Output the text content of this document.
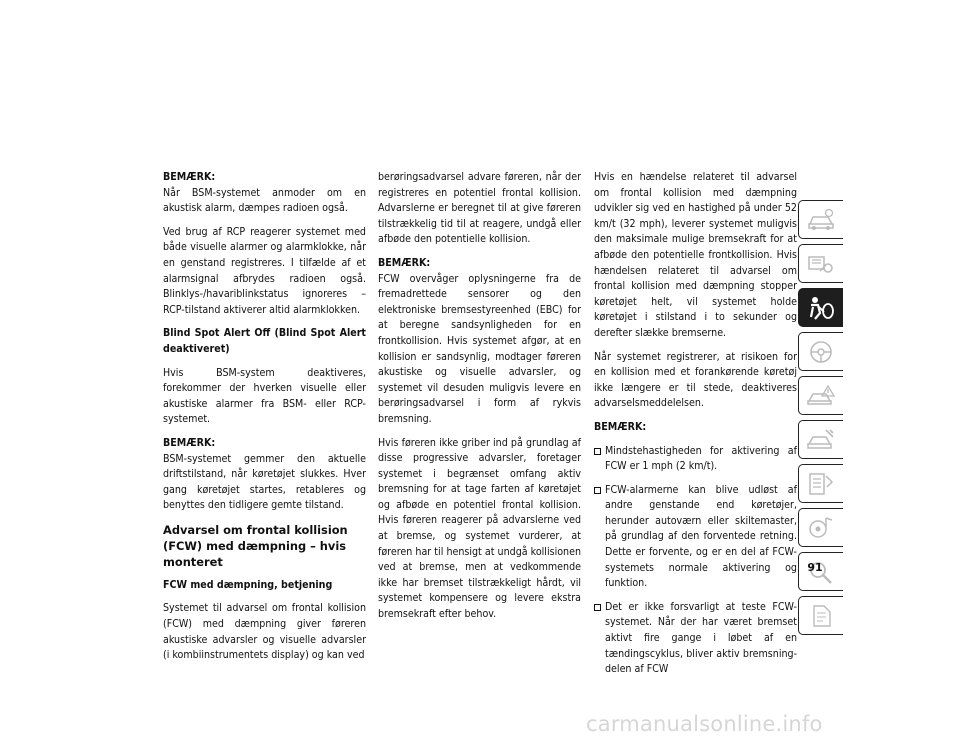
BEMÆRK:
Når BSM-systemet anmoder om en akustisk alarm, dæmpes radioen også.

Ved brug af RCP reagerer systemet med både visuelle alarmer og alarmklokke, når en genstand registreres. I tilfælde af et alarmsignal afbrydes radioen også. Blinklys-/havariblinkstatus ignoreres – RCP-tilstand aktiverer altid alarmklokken.

Blind Spot Alert Off (Blind Spot Alert deaktiveret)

Hvis BSM-system deaktiveres, forekommer der hverken visuelle eller akustiske alarmer fra BSM- eller RCP-systemet.

BEMÆRK:
BSM-systemet gemmer den aktuelle driftstilstand, når køretøjet slukkes. Hver gang køretøjet startes, retableres og benyttes den tidligere gemte tilstand.

Advarsel om frontal kollision (FCW) med dæmpning – hvis monteret

FCW med dæmpning, betjening

Systemet til advarsel om frontal kollision (FCW) med dæmpning giver føreren akustiske advarsler og visuelle advarsler (i kombiinstrumentets display) og kan ved

berøringsadvarsel advare føreren, når der registreres en potentiel frontal kollision. Advarslerne er beregnet til at give føreren tilstrækkelig tid til at reagere, undgå eller afbøde den potentielle kollision.

BEMÆRK:
FCW overvåger oplysningerne fra de fremadrettede sensorer og den elektroniske bremsestyreenhed (EBC) for at beregne sandsynligheden for en frontkollision. Hvis systemet afgør, at en kollision er sandsynlig, modtager føreren akustiske og visuelle advarsler, og systemet vil desuden muligvis levere en berøringsadvarsel i form af rykvis bremsning.

Hvis føreren ikke griber ind på grundlag af disse progressive advarsler, foretager systemet i begrænset omfang aktiv bremsning for at tage farten af køretøjet og afbøde en potentiel frontal kollision. Hvis føreren reagerer på advarslerne ved at bremse, og systemet vurderer, at føreren har til hensigt at undgå kollisionen ved at bremse, men at vedkommende ikke har bremset tilstrækkeligt hårdt, vil systemet kompensere og levere ekstra bremsekraft efter behov.

Hvis en hændelse relateret til advarsel om frontal kollision med dæmpning udvikler sig ved en hastighed på under 52 km/t (32 mph), leverer systemet muligvis den maksimale mulige bremsekraft for at afbøde den potentielle frontkollision. Hvis hændelsen relateret til advarsel om frontal kollision med dæmpning stopper køretøjet helt, vil systemet holde køretøjet i stilstand i to sekunder og derefter slække bremserne.

Når systemet registrerer, at risikoen for en kollision med et forankørende køretøj ikke længere er til stede, deaktiveres advarselsmeddelelsen.

BEMÆRK:

Mindstehastigheden for aktivering af FCW er 1 mph (2 km/t).
FCW-alarmerne kan blive udløst af andre genstande end køretøjer, herunder autoværn eller skiltemaster, på grundlag af den forventede retning. Dette er forvente, og er en del af FCW-systemets normale aktivering og funktion.
Det er ikke forsvarligt at teste FCW-systemet. Når der har været bremset aktivt fire gange i løbet af en tændingscyklus, bliver aktiv bremsning-delen af FCW
91
carmanualsonline.info
